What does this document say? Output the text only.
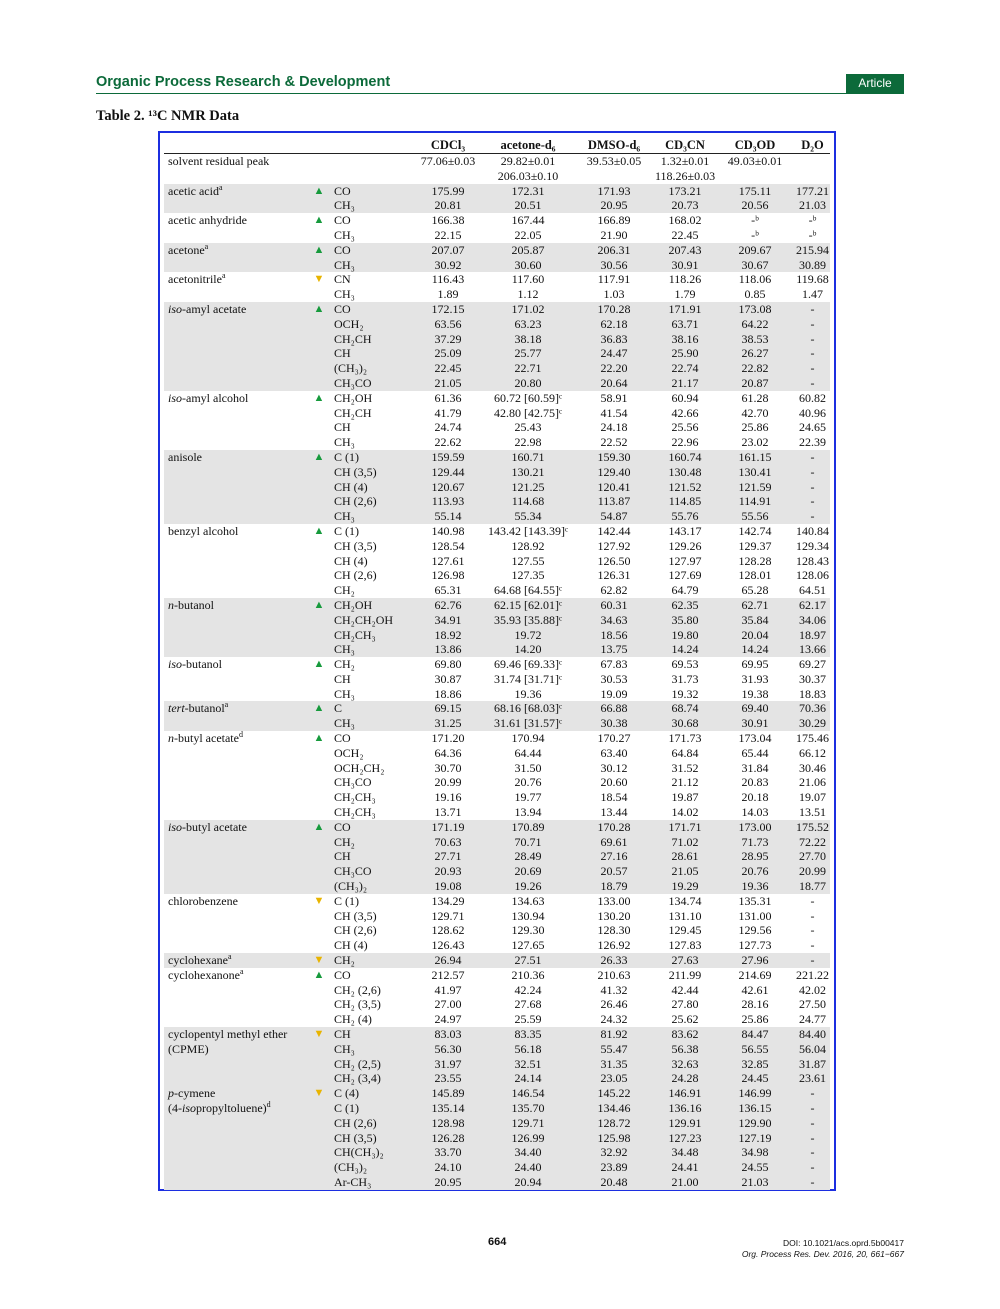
Organic Process Research & Development	Article
Table 2. ¹³C NMR Data
			CDCl₃	acetone-d₆	DMSO-d₆	CD₃CN	CD₃OD	D₂O
solvent residual peak			77.06±0.03	29.82±0.01	39.53±0.05	1.32±0.01	49.03±0.01	
				206.03±0.10		118.26±0.03		
acetic acid$^a$	▲	CO	175.99	172.31	171.93	173.21	175.11	177.21
		CH₃	20.81	20.51	20.95	20.73	20.56	21.03
acetic anhydride	▲	CO	166.38	167.44	166.89	168.02	-ᵇ	-ᵇ
		CH₃	22.15	22.05	21.90	22.45	-ᵇ	-ᵇ
acetone$^a$	▲	CO	207.07	205.87	206.31	207.43	209.67	215.94
		CH₃	30.92	30.60	30.56	30.91	30.67	30.89
acetonitrile$^a$	▼	CN	116.43	117.60	117.91	118.26	118.06	119.68
		CH₃	1.89	1.12	1.03	1.79	0.85	1.47
iso-amyl acetate	▲	CO	172.15	171.02	170.28	171.91	173.08	-
		OCH₂	63.56	63.23	62.18	63.71	64.22	-
		CH₂CH	37.29	38.18	36.83	38.16	38.53	-
		CH	25.09	25.77	24.47	25.90	26.27	-
		(CH₃)₂	22.45	22.71	22.20	22.74	22.82	-
		CH₃CO	21.05	20.80	20.64	21.17	20.87	-
iso-amyl alcohol	▲	CH₂OH	61.36	60.72 [60.59]ᶜ	58.91	60.94	61.28	60.82
		CH₂CH	41.79	42.80 [42.75]ᶜ	41.54	42.66	42.70	40.96
		CH	24.74	25.43	24.18	25.56	25.86	24.65
		CH₃	22.62	22.98	22.52	22.96	23.02	22.39
anisole	▲	C (1)	159.59	160.71	159.30	160.74	161.15	-
		CH (3,5)	129.44	130.21	129.40	130.48	130.41	-
		CH (4)	120.67	121.25	120.41	121.52	121.59	-
		CH (2,6)	113.93	114.68	113.87	114.85	114.91	-
		CH₃	55.14	55.34	54.87	55.76	55.56	-
benzyl alcohol	▲	C (1)	140.98	143.42 [143.39]ᶜ	142.44	143.17	142.74	140.84
		CH (3,5)	128.54	128.92	127.92	129.26	129.37	129.34
		CH (4)	127.61	127.55	126.50	127.97	128.28	128.43
		CH (2,6)	126.98	127.35	126.31	127.69	128.01	128.06
		CH₂	65.31	64.68 [64.55]ᶜ	62.82	64.79	65.28	64.51
n-butanol	▲	CH₂OH	62.76	62.15 [62.01]ᶜ	60.31	62.35	62.71	62.17
		CH₂CH₂OH	34.91	35.93 [35.88]ᶜ	34.63	35.80	35.84	34.06
		CH₂CH₃	18.92	19.72	18.56	19.80	20.04	18.97
		CH₃	13.86	14.20	13.75	14.24	14.24	13.66
iso-butanol	▲	CH₂	69.80	69.46 [69.33]ᶜ	67.83	69.53	69.95	69.27
		CH	30.87	31.74 [31.71]ᶜ	30.53	31.73	31.93	30.37
		CH₃	18.86	19.36	19.09	19.32	19.38	18.83
tert-butanol$^a$	▲	C	69.15	68.16 [68.03]ᶜ	66.88	68.74	69.40	70.36
		CH₃	31.25	31.61 [31.57]ᶜ	30.38	30.68	30.91	30.29
n-butyl acetate$^d$	▲	CO	171.20	170.94	170.27	171.73	173.04	175.46
		OCH₂	64.36	64.44	63.40	64.84	65.44	66.12
		OCH₂CH₂	30.70	31.50	30.12	31.52	31.84	30.46
		CH₃CO	20.99	20.76	20.60	21.12	20.83	21.06
		CH₂CH₃	19.16	19.77	18.54	19.87	20.18	19.07
		CH₂CH₃	13.71	13.94	13.44	14.02	14.03	13.51
iso-butyl acetate	▲	CO	171.19	170.89	170.28	171.71	173.00	175.52
		CH₂	70.63	70.71	69.61	71.02	71.73	72.22
		CH	27.71	28.49	27.16	28.61	28.95	27.70
		CH₃CO	20.93	20.69	20.57	21.05	20.76	20.99
		(CH₃)₂	19.08	19.26	18.79	19.29	19.36	18.77
chlorobenzene	▼	C (1)	134.29	134.63	133.00	134.74	135.31	-
		CH (3,5)	129.71	130.94	130.20	131.10	131.00	-
		CH (2,6)	128.62	129.30	128.30	129.45	129.56	-
		CH (4)	126.43	127.65	126.92	127.83	127.73	-
cyclohexane$^a$	▼	CH₂	26.94	27.51	26.33	27.63	27.96	-
cyclohexanone$^a$	▲	CO	212.57	210.36	210.63	211.99	214.69	221.22
		CH₂ (2,6)	41.97	42.24	41.32	42.44	42.61	42.02
		CH₂ (3,5)	27.00	27.68	26.46	27.80	28.16	27.50
		CH₂ (4)	24.97	25.59	24.32	25.62	25.86	24.77
cyclopentyl methyl ether	▼	CH	83.03	83.35	81.92	83.62	84.47	84.40
(CPME)		CH₃	56.30	56.18	55.47	56.38	56.55	56.04
		CH₂ (2,5)	31.97	32.51	31.35	32.63	32.85	31.87
		CH₂ (3,4)	23.55	24.14	23.05	24.28	24.45	23.61
p-cymene	▼	C (4)	145.89	146.54	145.22	146.91	146.99	-
(4-isopropyltoluene)$^d$		C (1)	135.14	135.70	134.46	136.16	136.15	-
		CH (2,6)	128.98	129.71	128.72	129.91	129.90	-
		CH (3,5)	126.28	126.99	125.98	127.23	127.19	-
		CH(CH₃)₂	33.70	34.40	32.92	34.48	34.98	-
		(CH₃)₂	24.10	24.40	23.89	24.41	24.55	-
		Ar-CH₃	20.95	20.94	20.48	21.00	21.03	-
664	DOI: 10.1021/acs.oprd.5b00417
Org. Process Res. Dev. 2016, 20, 661−667
